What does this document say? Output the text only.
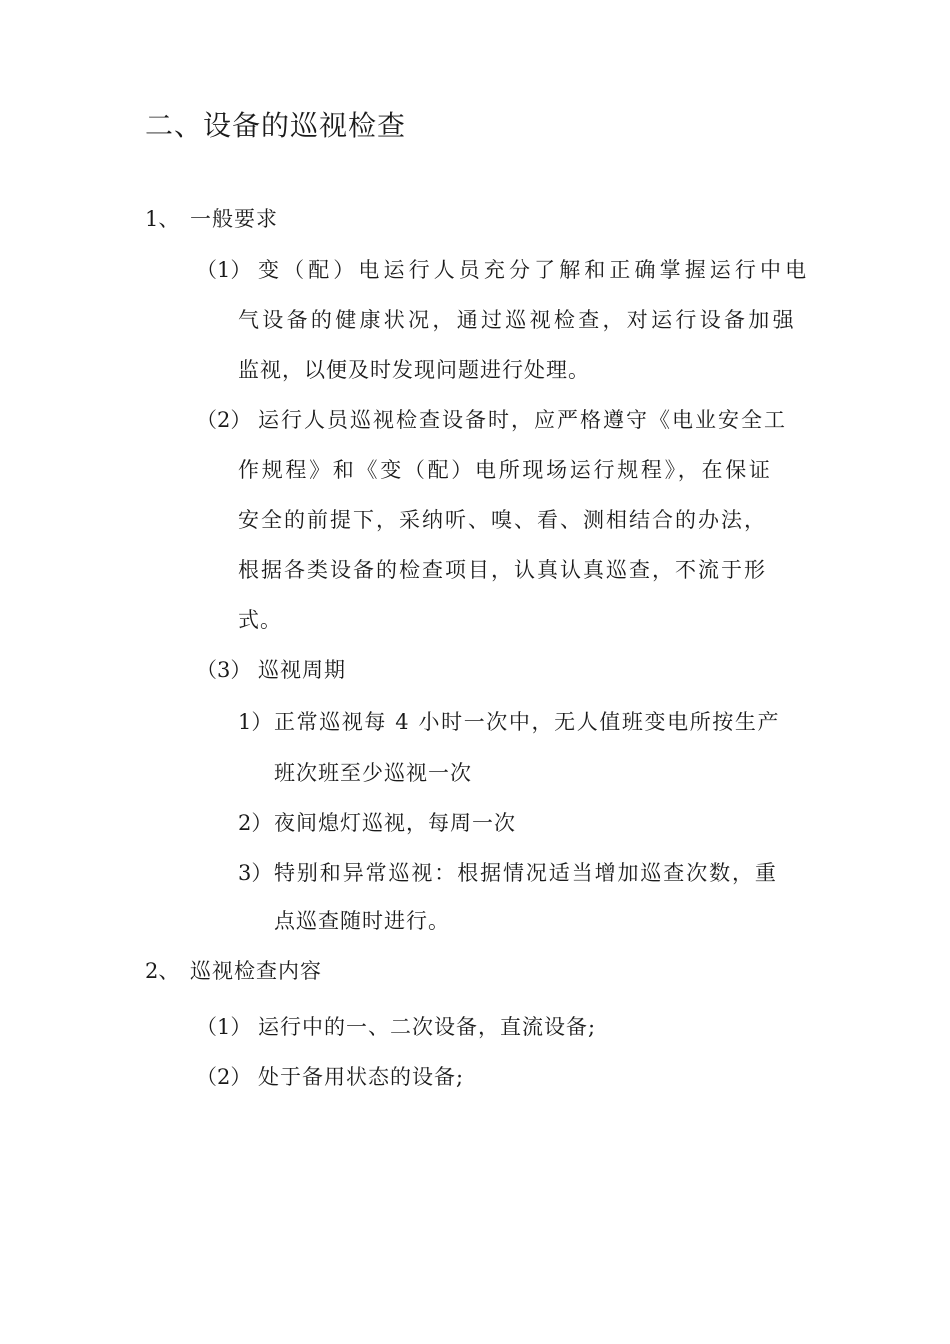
二、设备的巡视检查
1、 一般要求
（1） 变（配）电运行人员充分了解和正确掌握运行中电
气设备的健康状况，通过巡视检查，对运行设备加强
监视，以便及时发现问题进行处理。
（2） 运行人员巡视检查设备时，应严格遵守《电业安全工
作规程》和《变（配）电所现场运行规程》，在保证
安全的前提下，采纳听、嗅、看、测相结合的办法，
根据各类设备的检查项目，认真认真巡查，不流于形
式。
（3） 巡视周期
1） 正常巡视每 4 小时一次中，无人值班变电所按生产
班次班至少巡视一次
2） 夜间熄灯巡视，每周一次
3） 特别和异常巡视：根据情况适当增加巡查次数，重
点巡查随时进行。
2、 巡视检查内容
（1） 运行中的一、二次设备，直流设备;
（2） 处于备用状态的设备;
